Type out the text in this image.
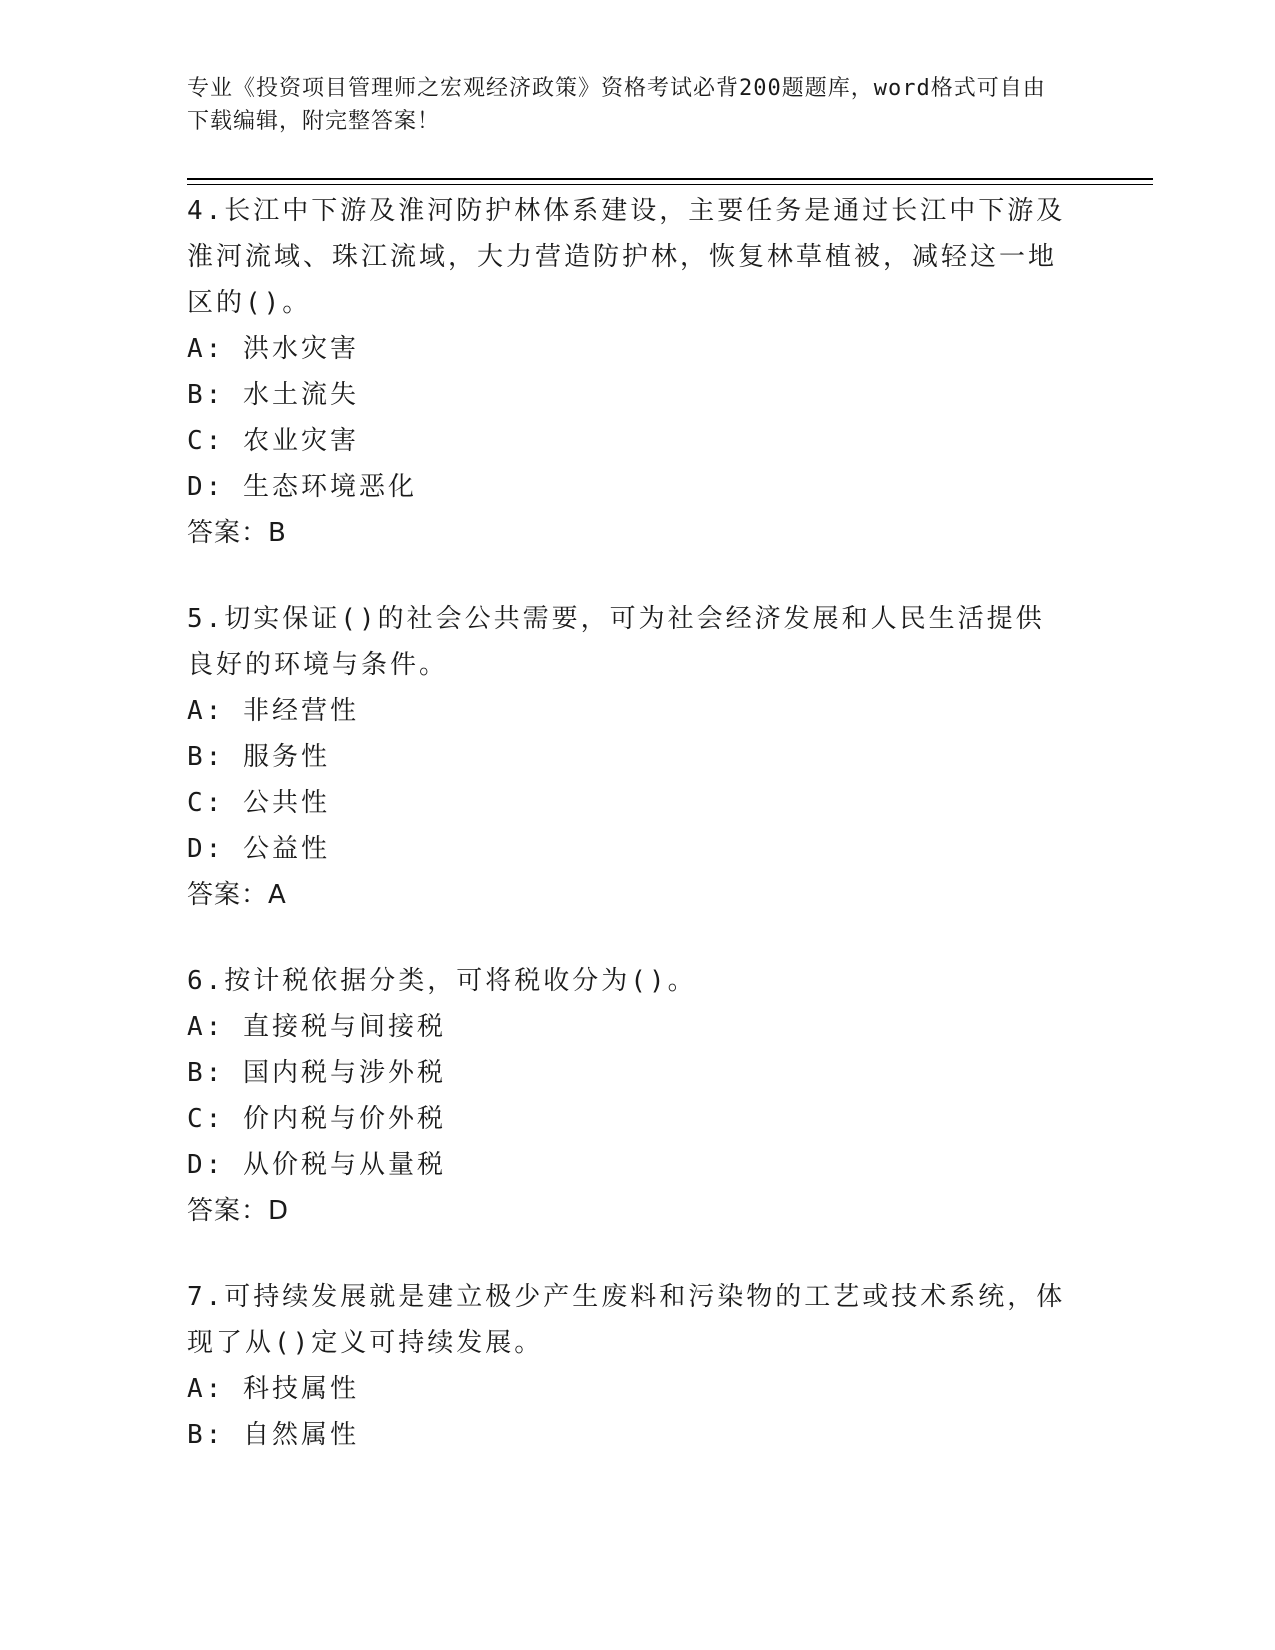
专业《投资项目管理师之宏观经济政策》资格考试必背200题题库，word格式可自由下载编辑，附完整答案！

4.长江中下游及淮河防护林体系建设，主要任务是通过长江中下游及淮河流域、珠江流域，大力营造防护林，恢复林草植被，减轻这一地区的()。

A: 洪水灾害

B: 水土流失

C: 农业灾害

D: 生态环境恶化

答案：B

5.切实保证()的社会公共需要，可为社会经济发展和人民生活提供良好的环境与条件。

A: 非经营性

B: 服务性

C: 公共性

D: 公益性

答案：A

6.按计税依据分类，可将税收分为()。

A: 直接税与间接税

B: 国内税与涉外税

C: 价内税与价外税

D: 从价税与从量税

答案：D

7.可持续发展就是建立极少产生废料和污染物的工艺或技术系统，体现了从()定义可持续发展。

A: 科技属性

B: 自然属性
